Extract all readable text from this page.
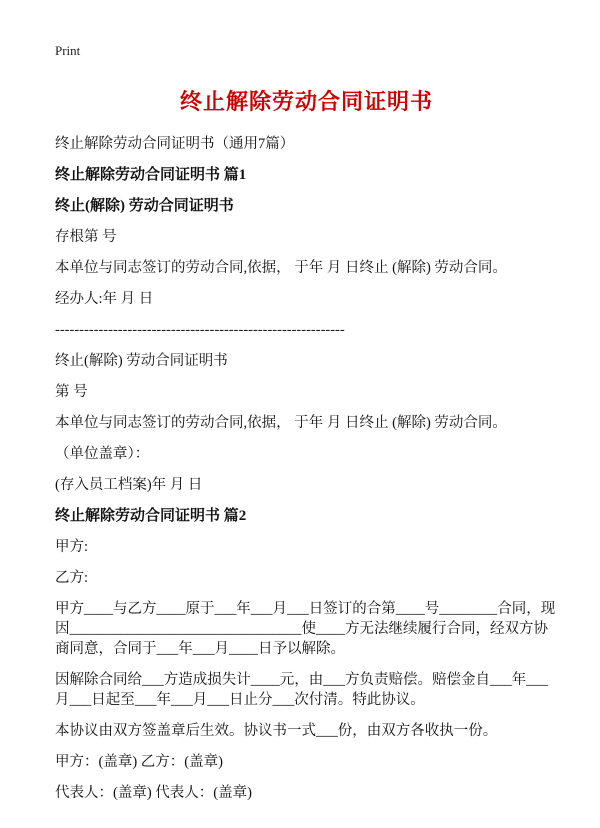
Print
终止解除劳动合同证明书

终止解除劳动合同证明书（通用7篇）

终止解除劳动合同证明书 篇1

终止(解除) 劳动合同证明书

存根第 号

本单位与同志签订的劳动合同,依据， 于年 月 日终止 (解除) 劳动合同。

经办人:年 月 日

------------------------------------------------------------

终止(解除) 劳动合同证明书

第 号

本单位与同志签订的劳动合同,依据， 于年 月 日终止 (解除) 劳动合同。

（单位盖章）：

(存入员工档案)年 月 日

终止解除劳动合同证明书 篇2

甲方:

乙方:

甲方____与乙方____原于___年___月___日签订的合第____号________合同，现因________________________________使____方无法继续履行合同，经双方协商同意，合同于___年___月____日予以解除。

因解除合同给___方造成损失计____元，由___方负责赔偿。赔偿金自___年___月___日起至___年___月___日止分___次付清。特此协议。

本协议由双方签盖章后生效。协议书一式___份，由双方各收执一份。

甲方：(盖章) 乙方：(盖章)

代表人：(盖章) 代表人：(盖章)
